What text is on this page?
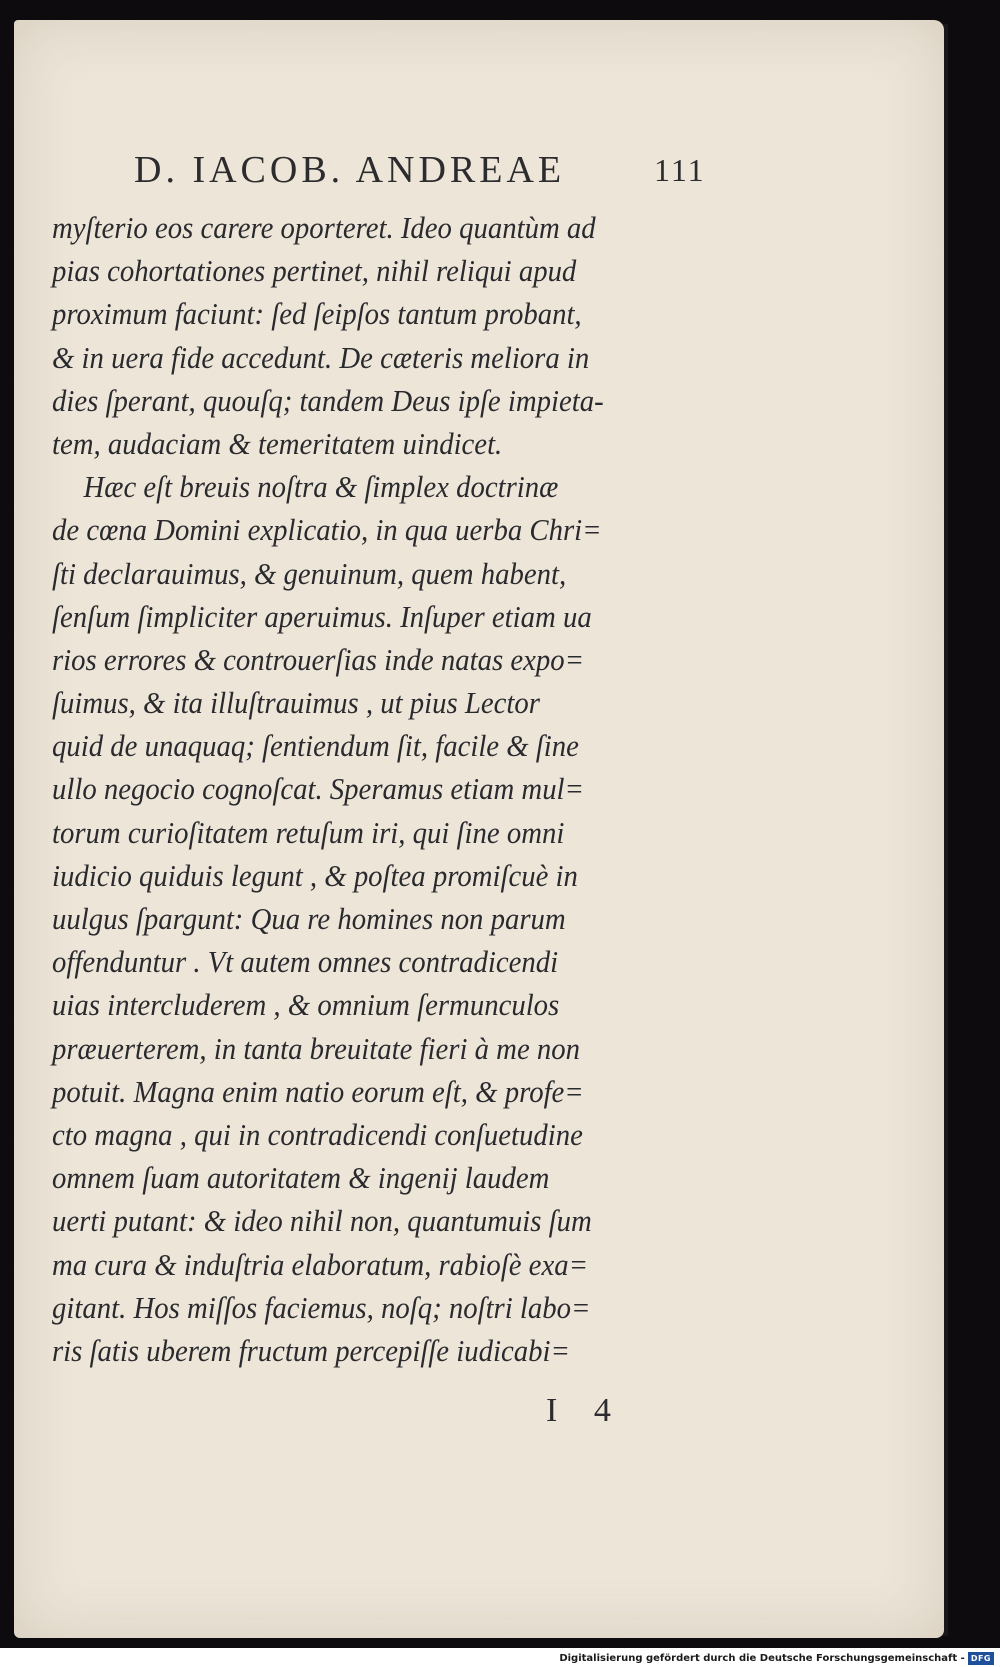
D. IACOB. ANDREAE	111
myſterio eos carere oporteret. Ideo quantùm ad
pias cohortationes pertinet, nihil reliqui apud
proximum faciunt: ſed ſeipſos tantum probant,
& in uera fide accedunt. De cæteris meliora in
dies ſperant, quouſq; tandem Deus ipſe impieta-
tem, audaciam & temeritatem uindicet.
Hæc eſt breuis noſtra & ſimplex doctrinæ
de cœna Domini explicatio, in qua uerba Chri=
ſti declarauimus, & genuinum, quem habent,
ſenſum ſimpliciter aperuimus. Inſuper etiam ua
rios errores & controuerſias inde natas expo=
ſuimus, & ita illuſtrauimus , ut pius Lector
quid de unaquaq; ſentiendum ſit, facile & ſine
ullo negocio cognoſcat. Speramus etiam mul=
torum curioſitatem retuſum iri, qui ſine omni
iudicio quiduis legunt , & poſtea promiſcuè in
uulgus ſpargunt: Qua re homines non parum
offenduntur . Vt autem omnes contradicendi
uias intercluderem , & omnium ſermunculos
præuerterem, in tanta breuitate fieri à me non
potuit. Magna enim natio eorum eſt, & profe=
cto magna , qui in contradicendi conſuetudine
omnem ſuam autoritatem & ingenij laudem
uerti putant: & ideo nihil non, quantumuis ſum
ma cura & induſtria elaboratum, rabioſè exa=
gitant. Hos miſſos faciemus, noſq; noſtri labo=
ris ſatis uberem fructum percepiſſe iudicabi=
I 4
Digitalisierung gefördert durch die Deutsche Forschungsgemeinschaft - DFG
